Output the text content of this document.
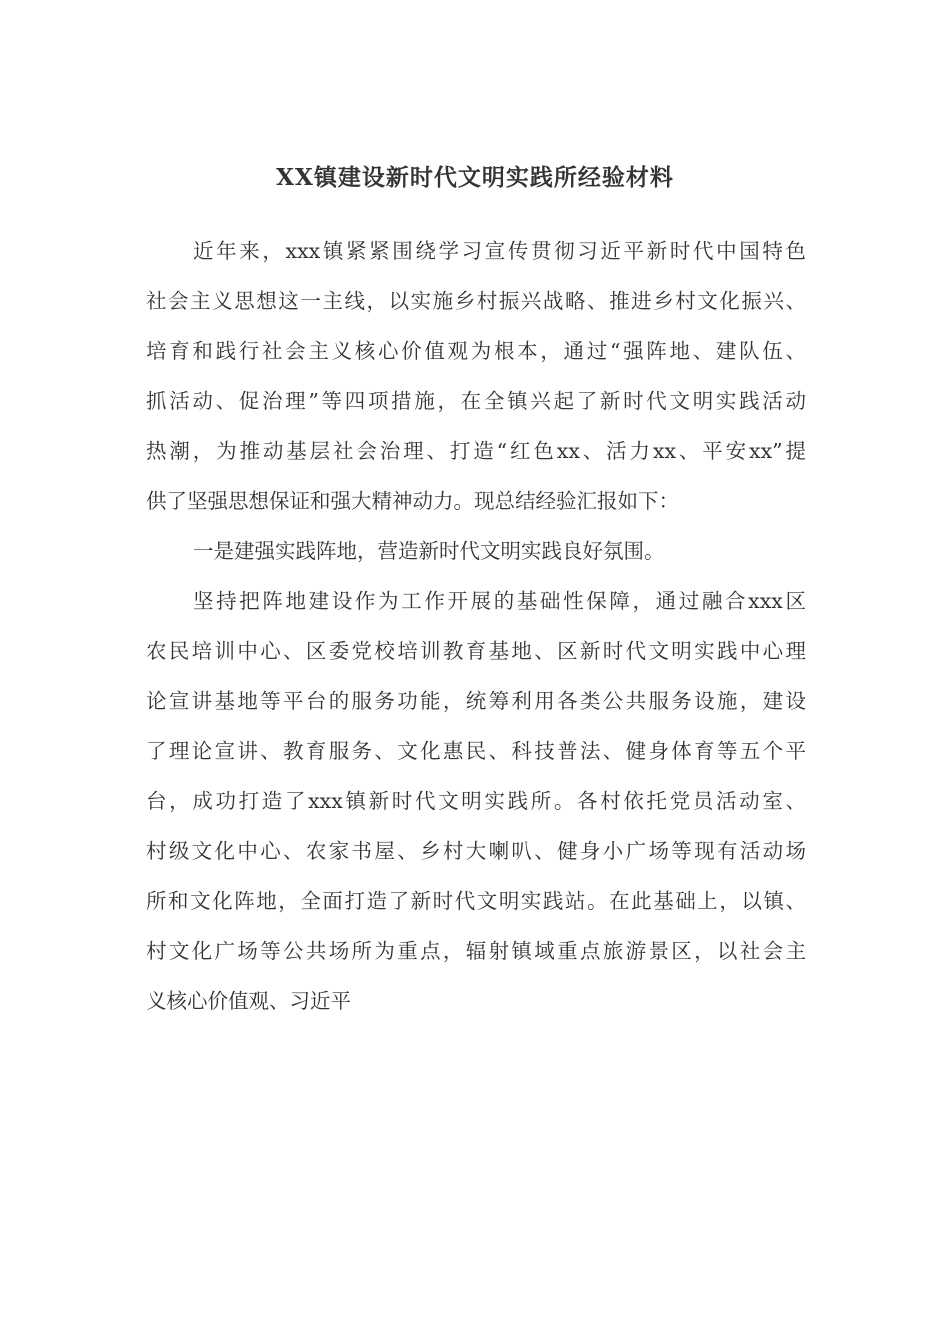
XX镇建设新时代文明实践所经验材料
近年来，xxx镇紧紧围绕学习宣传贯彻习近平新时代中国特色
社会主义思想这一主线，以实施乡村振兴战略、推进乡村文化振兴、
培育和践行社会主义核心价值观为根本，通过“强阵地、建队伍、
抓活动、促治理”等四项措施，在全镇兴起了新时代文明实践活动
热潮，为推动基层社会治理、打造“红色xx、活力xx、平安xx”提
供了坚强思想保证和强大精神动力。现总结经验汇报如下：
一是建强实践阵地，营造新时代文明实践良好氛围。
坚持把阵地建设作为工作开展的基础性保障，通过融合xxx区
农民培训中心、区委党校培训教育基地、区新时代文明实践中心理
论宣讲基地等平台的服务功能，统筹利用各类公共服务设施，建设
了理论宣讲、教育服务、文化惠民、科技普法、健身体育等五个平
台，成功打造了xxx镇新时代文明实践所。各村依托党员活动室、
村级文化中心、农家书屋、乡村大喇叭、健身小广场等现有活动场
所和文化阵地，全面打造了新时代文明实践站。在此基础上，以镇、
村文化广场等公共场所为重点，辐射镇域重点旅游景区，以社会主
义核心价值观、习近平
